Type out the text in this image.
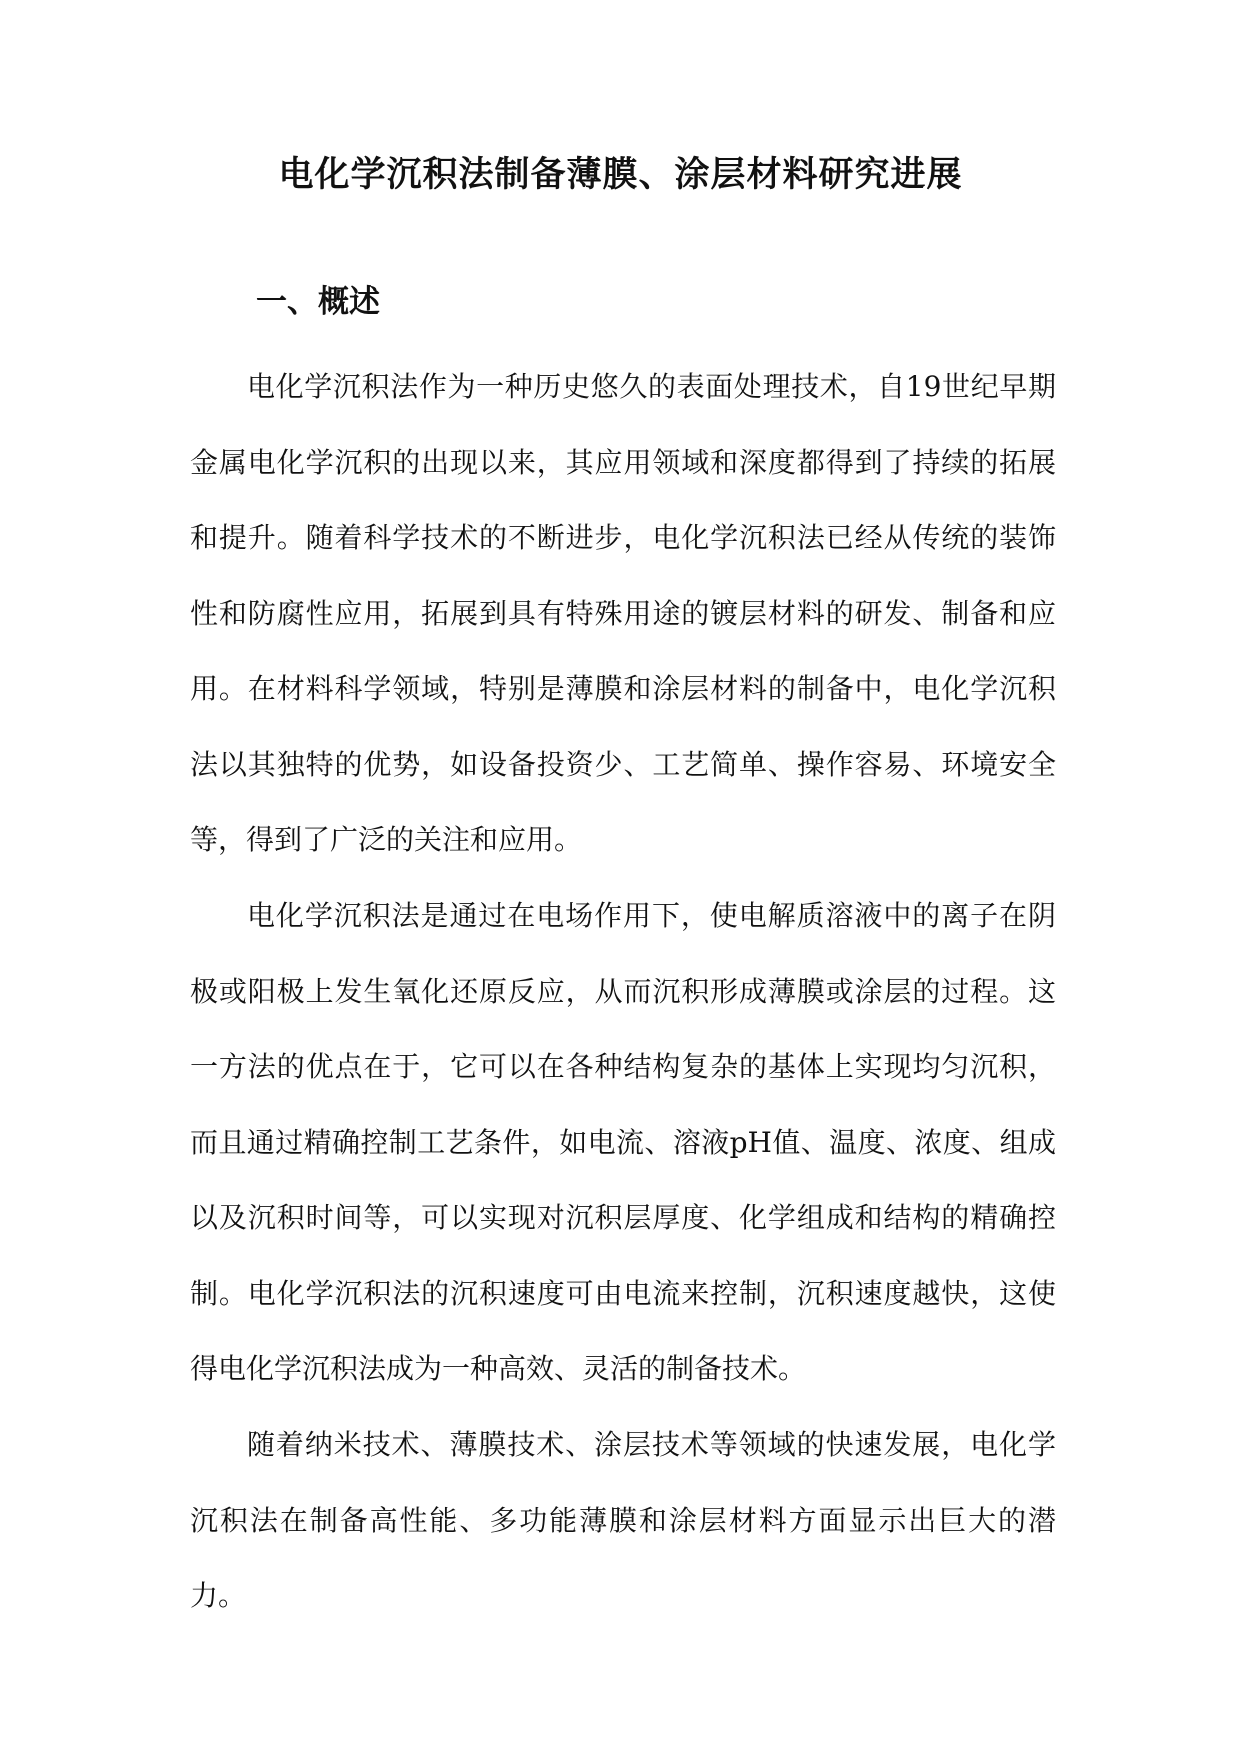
电化学沉积法制备薄膜、涂层材料研究进展
一、概述

电化学沉积法作为一种历史悠久的表面处理技术，自19世纪早期金属电化学沉积的出现以来，其应用领域和深度都得到了持续的拓展和提升。随着科学技术的不断进步，电化学沉积法已经从传统的装饰性和防腐性应用，拓展到具有特殊用途的镀层材料的研发、制备和应用。在材料科学领域，特别是薄膜和涂层材料的制备中，电化学沉积法以其独特的优势，如设备投资少、工艺简单、操作容易、环境安全等，得到了广泛的关注和应用。

电化学沉积法是通过在电场作用下，使电解质溶液中的离子在阴极或阳极上发生氧化还原反应，从而沉积形成薄膜或涂层的过程。这一方法的优点在于，它可以在各种结构复杂的基体上实现均匀沉积，而且通过精确控制工艺条件，如电流、溶液pH值、温度、浓度、组成以及沉积时间等，可以实现对沉积层厚度、化学组成和结构的精确控制。电化学沉积法的沉积速度可由电流来控制，沉积速度越快，这使得电化学沉积法成为一种高效、灵活的制备技术。

随着纳米技术、薄膜技术、涂层技术等领域的快速发展，电化学沉积法在制备高性能、多功能薄膜和涂层材料方面显示出巨大的潜力。
